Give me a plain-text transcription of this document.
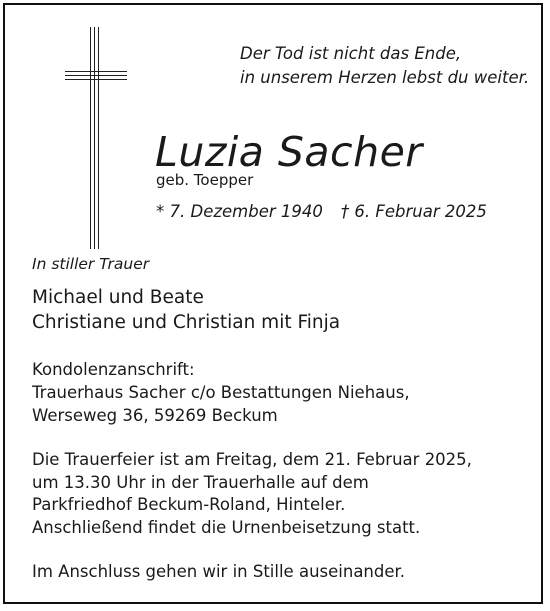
Der Tod ist nicht das Ende,
in unserem Herzen lebst du weiter.
Luzia Sacher
geb. Toepper
* 7. Dezember 1940 † 6. Februar 2025
In stiller Trauer
Michael und Beate
Christiane und Christian mit Finja
Kondolenzanschrift:
Trauerhaus Sacher c/o Bestattungen Niehaus,
Werseweg 36, 59269 Beckum
Die Trauerfeier ist am Freitag, dem 21. Februar 2025,
um 13.30 Uhr in der Trauerhalle auf dem
Parkfriedhof Beckum-Roland, Hinteler.
Anschließend findet die Urnenbeisetzung statt.
Im Anschluss gehen wir in Stille auseinander.
